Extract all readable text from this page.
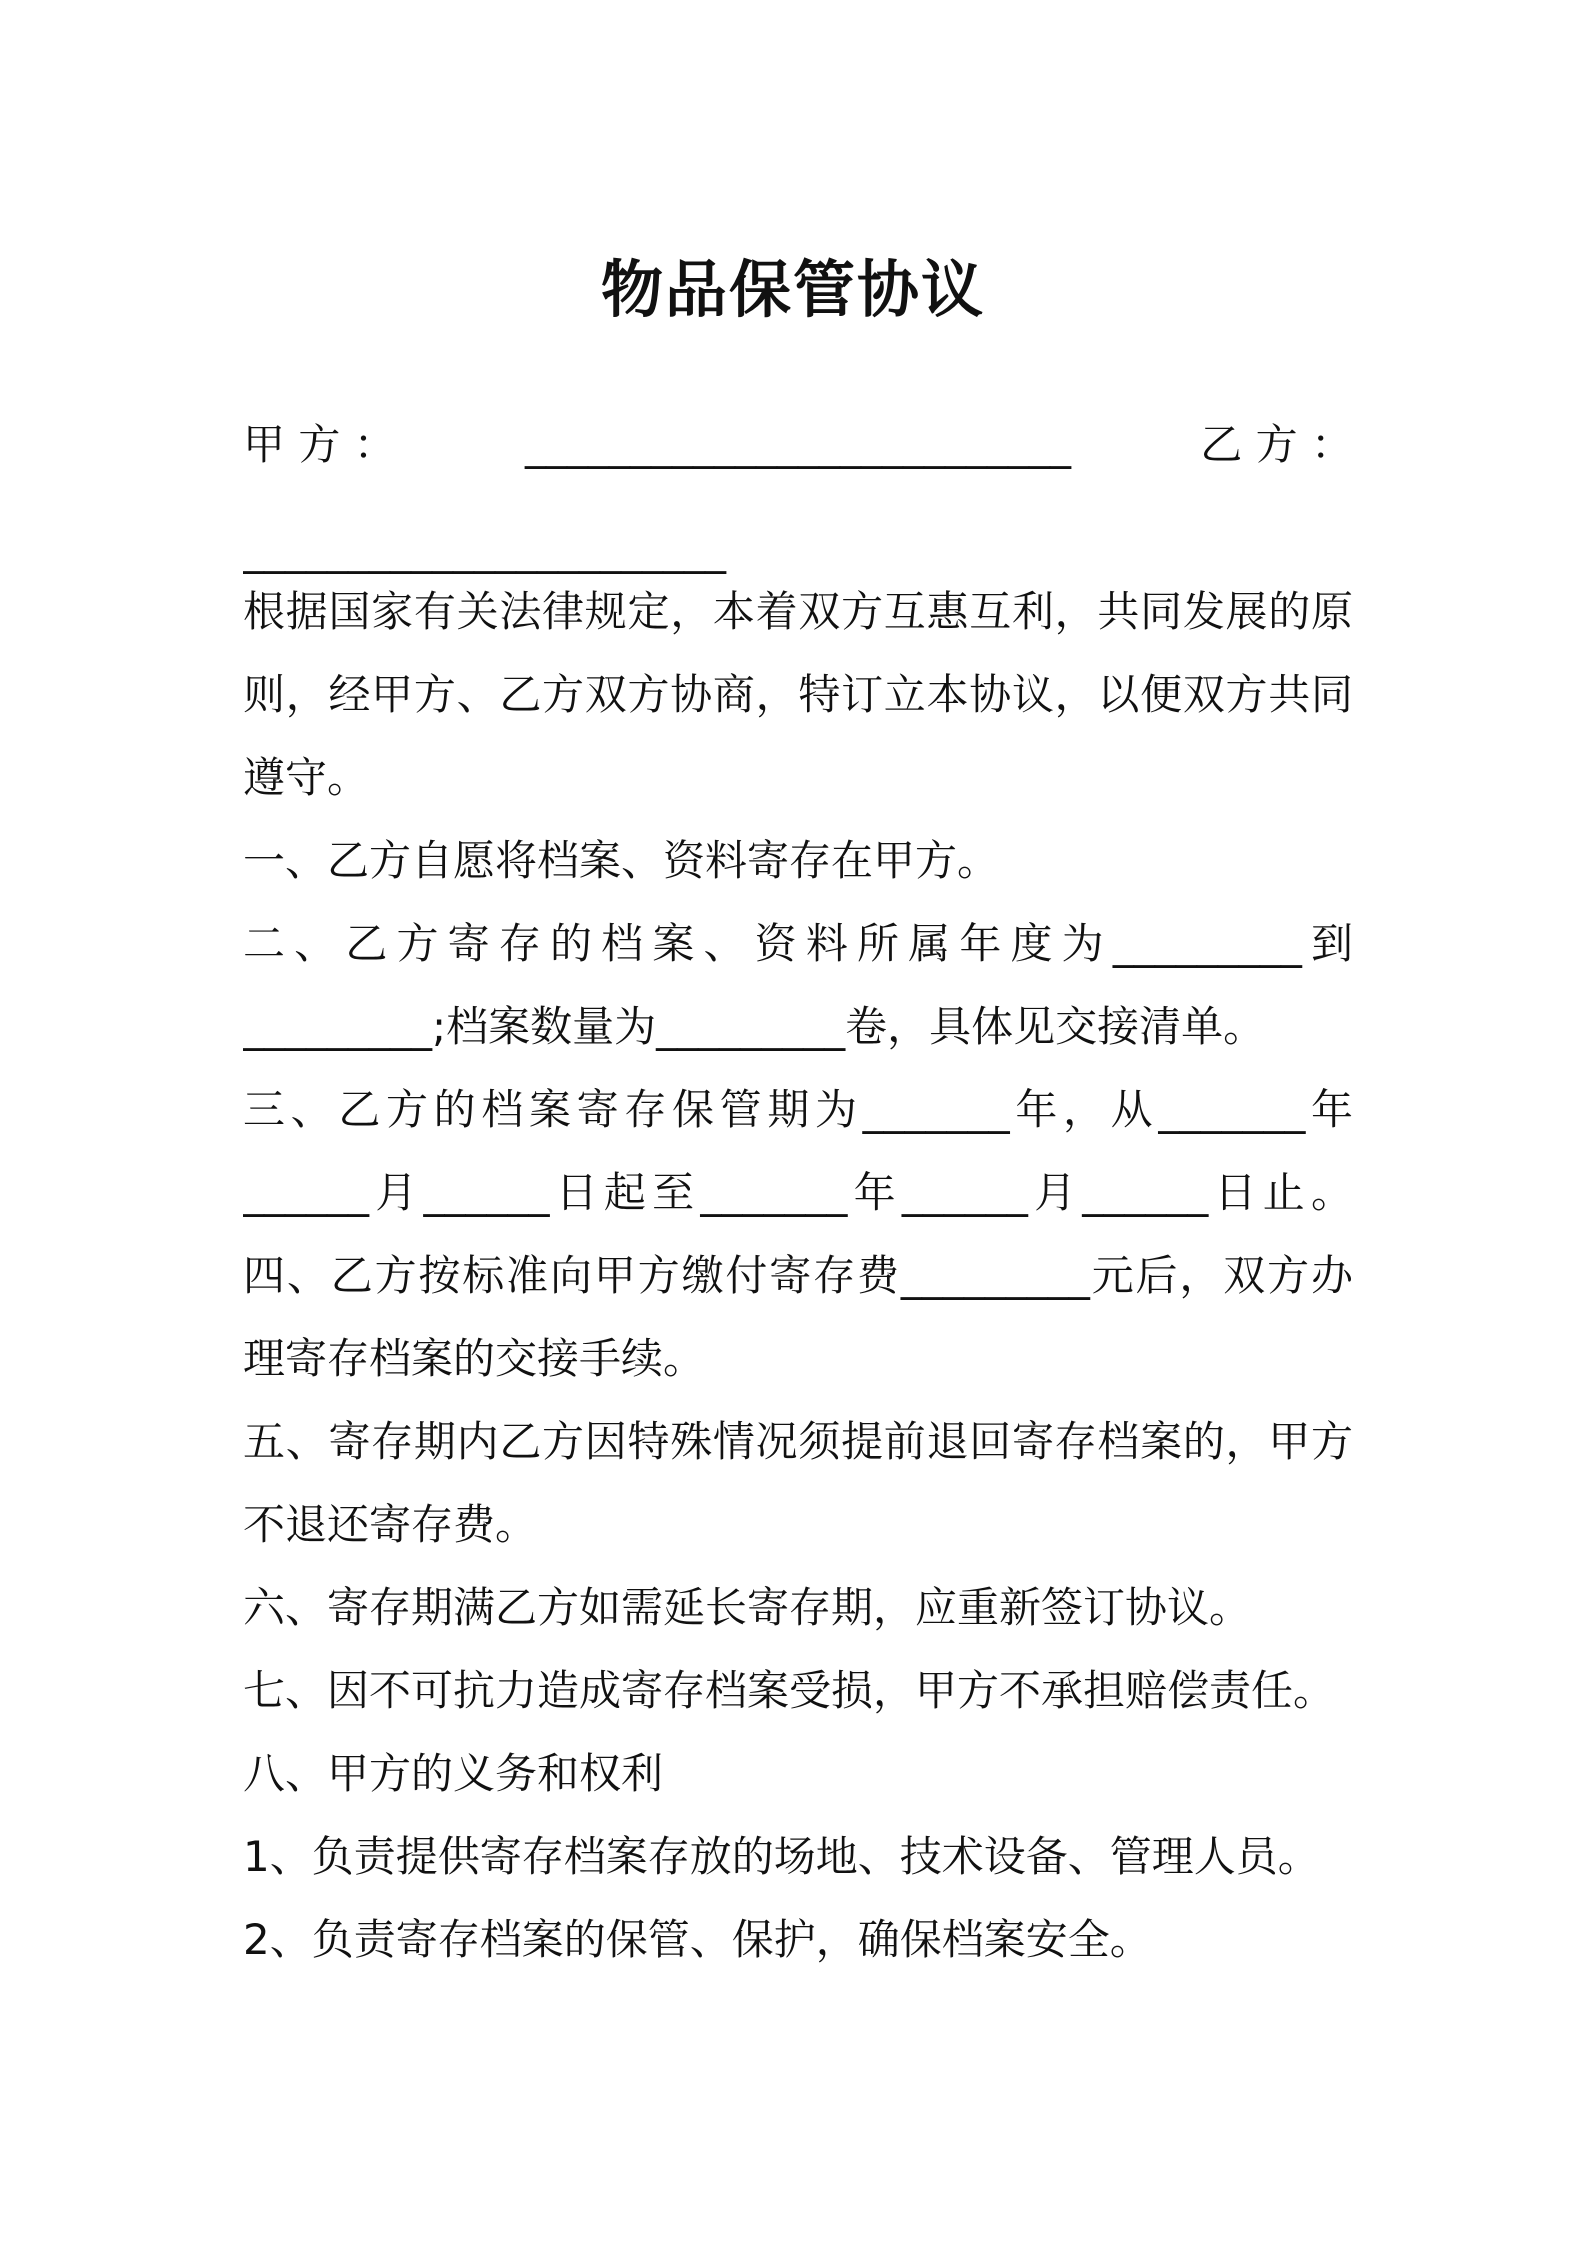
物品保管协议
甲 方 ：	__________________________	乙 方 ：
_______________________
根据国家有关法律规定，本着双方互惠互利，共同发展的原
则，经甲方、乙方双方协商，特订立本协议，以便双方共同
遵守。
一、乙方自愿将档案、资料寄存在甲方。
二、乙方寄存的档案、资料所属年度为_________到
_________;档案数量为_________卷，具体见交接清单。
三、乙方的档案寄存保管期为_______年，从_______年
______月______日起至_______年______月______日止。
四、乙方按标准向甲方缴付寄存费_________元后，双方办
理寄存档案的交接手续。
五、寄存期内乙方因特殊情况须提前退回寄存档案的，甲方
不退还寄存费。
六、寄存期满乙方如需延长寄存期，应重新签订协议。
七、因不可抗力造成寄存档案受损，甲方不承担赔偿责任。
八、甲方的义务和权利
1、负责提供寄存档案存放的场地、技术设备、管理人员。
2、负责寄存档案的保管、保护，确保档案安全。
